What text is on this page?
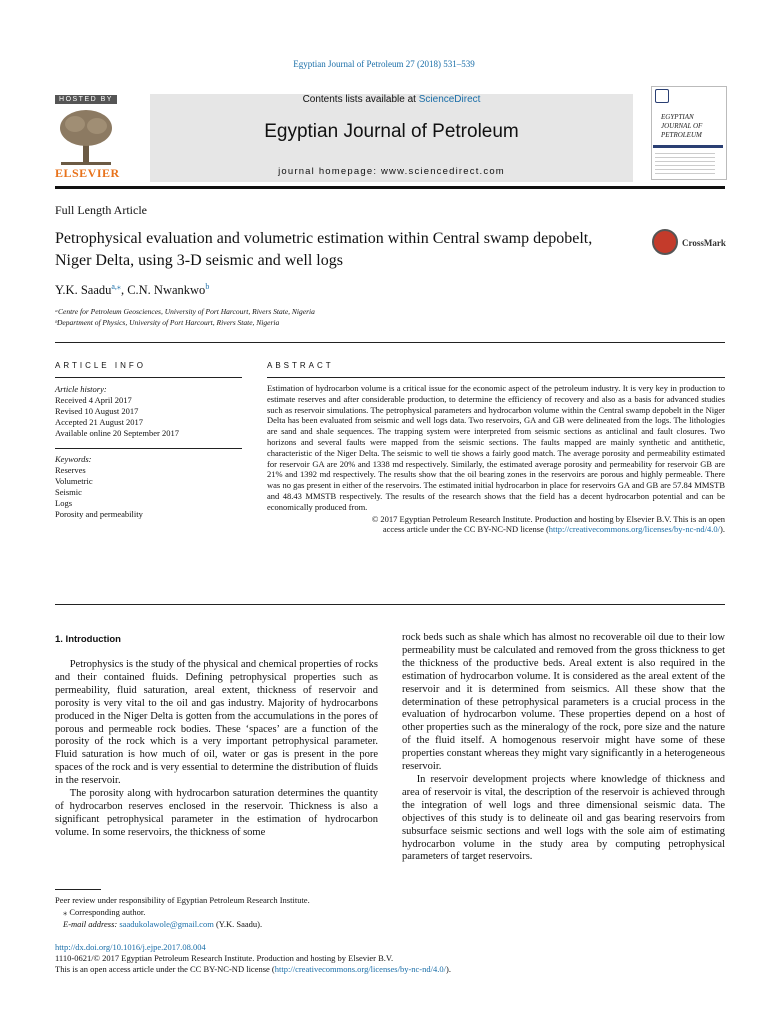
Egyptian Journal of Petroleum 27 (2018) 531–539
HOSTED BY
ELSEVIER
Contents lists available at ScienceDirect
Egyptian Journal of Petroleum
journal homepage: www.sciencedirect.com
EGYPTIAN JOURNAL OF PETROLEUM
Full Length Article
Petrophysical evaluation and volumetric estimation within Central swamp depobelt, Niger Delta, using 3-D seismic and well logs
CrossMark
Y.K. Saadu$^{a,⁎}$, C.N. Nwankwo$^b$
ᵃCentre for Petroleum Geosciences, University of Port Harcourt, Rivers State, Nigeria
ᵇDepartment of Physics, University of Port Harcourt, Rivers State, Nigeria
ARTICLE INFO
Article history:
Received 4 April 2017
Revised 10 August 2017
Accepted 21 August 2017
Available online 20 September 2017
Keywords:
Reserves
Volumetric
Seismic
Logs
Porosity and permeability
ABSTRACT

Estimation of hydrocarbon volume is a critical issue for the economic aspect of the petroleum industry. It is very key in production to estimate reserves and after considerable production, to determine the efficiency of recovery and also as a basis for advanced studies such as reservoir simulations. The petrophysical parameters and hydrocarbon volume within the Central swamp depobelt in the Niger Delta has been evaluated from seismic and well logs data. Two reservoirs, GA and GB were delineated from the logs. The lithologies are sand and shale sequences. The trapping system were interpreted from seismic sections as anticlinal and fault closures. Two horizons and several faults were mapped from the seismic sections. The faults mapped are mainly synthetic and antithetic, characteristic of the Niger Delta. The seismic to well tie shows a fairly good match. The average porosity and permeability estimated for reservoir GA are 20% and 1338 md respectively. Similarly, the estimated average porosity and permeability for reservoir GB are 21% and 1392 md respectively. The results show that the oil bearing zones in the reservoirs are porous and highly permeable. There was no gas present in either of the reservoirs. The estimated initial hydrocarbon in place for reservoirs GA and GB are 57.84 MMSTB and 48.43 MMSTB respectively. The results of the research shows that the field has a decent hydrocarbon potential and can be economically produced from.

© 2017 Egyptian Petroleum Research Institute. Production and hosting by Elsevier B.V. This is an open

access article under the CC BY-NC-ND license (http://creativecommons.org/licenses/by-nc-nd/4.0/).

1. Introduction

Petrophysics is the study of the physical and chemical properties of rocks and their contained fluids. Defining petrophysical properties such as permeability, fluid saturation, areal extent, thickness of reservoir and porosity is very vital to the oil and gas industry. Majority of hydrocarbons produced in the Niger Delta is gotten from the accumulations in the pores of porous and permeable rock bodies. These ‘spaces’ are a function of the porosity of the rock which is a very important petrophysical parameter. Fluid saturation is how much of oil, water or gas is present in the pore spaces of the rock and is very essential to determine the distribution of fluids in the reservoir.

The porosity along with hydrocarbon saturation determines the quantity of hydrocarbon reserves enclosed in the reservoir. Thickness is also a significant petrophysical parameter in the estimation of hydrocarbon volume. In some reservoirs, the thickness of some

rock beds such as shale which has almost no recoverable oil due to their low permeability must be calculated and removed from the gross thickness to get the thickness of the productive beds. Areal extent is also required in the estimation of hydrocarbon volume. It is considered as the areal extent of the reservoir and it is determined from seismics. All these show that the determination of these petrophysical parameters is a crucial process in the evaluation of hydrocarbon volume. These properties depend on a host of other properties such as the mineralogy of the rock, pore size and the nature of the fluid itself. A homogenous reservoir might have some of these properties constant whereas they might vary significantly in a heterogeneous reservoir.

In reservoir development projects where knowledge of thickness and area of reservoir is vital, the description of the reservoir is achieved through the integration of well logs and three dimensional seismic data. The objectives of this study is to delineate oil and gas bearing reservoirs from subsurface seismic sections and well logs with the sole aim of estimating hydrocarbon volume in the study area by computing petrophysical parameters of target reservoirs.

Peer review under responsibility of Egyptian Petroleum Research Institute.
⁎ Corresponding author.
E-mail address: saadukolawole@gmail.com (Y.K. Saadu).
http://dx.doi.org/10.1016/j.ejpe.2017.08.004
1110-0621/© 2017 Egyptian Petroleum Research Institute. Production and hosting by Elsevier B.V.
This is an open access article under the CC BY-NC-ND license (http://creativecommons.org/licenses/by-nc-nd/4.0/).
